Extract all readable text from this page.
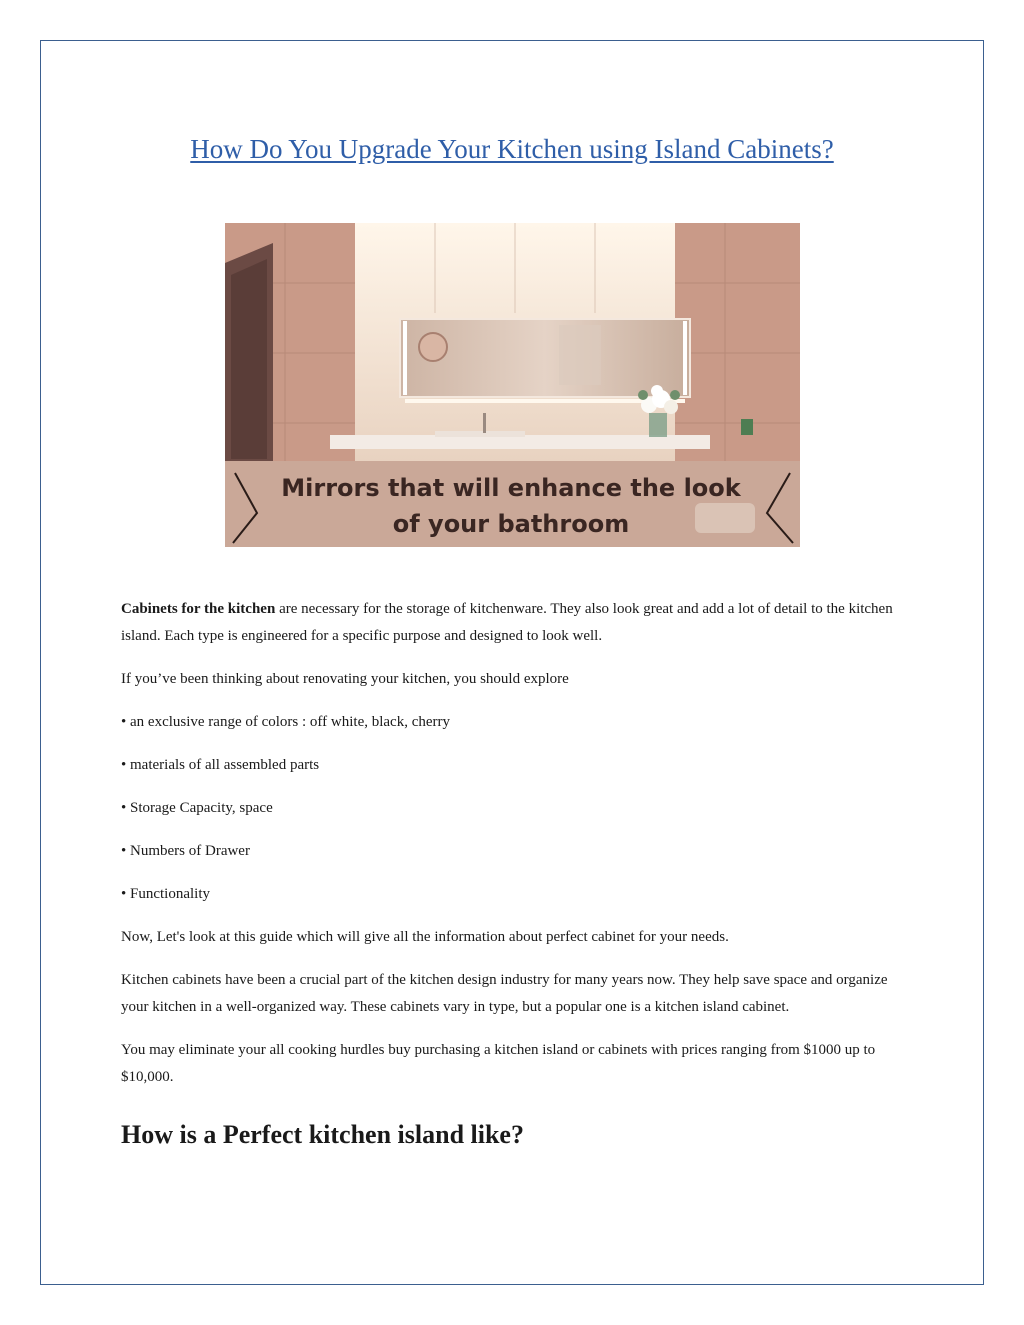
How Do You Upgrade Your Kitchen using Island Cabinets?
Mirrors that will enhance the look
of your bathroom

Cabinets for the kitchen are necessary for the storage of kitchenware. They also look great and add a lot of detail to the kitchen island. Each type is engineered for a specific purpose and designed to look well.

If you’ve been thinking about renovating your kitchen, you should explore

• an exclusive range of colors : off white, black, cherry

• materials of all assembled parts

• Storage Capacity, space

• Numbers of Drawer

• Functionality

Now, Let's look at this guide which will give all the information about perfect cabinet for your needs.

Kitchen cabinets have been a crucial part of the kitchen design industry for many years now. They help save space and organize your kitchen in a well-organized way. These cabinets vary in type, but a popular one is a kitchen island cabinet.

You may eliminate your all cooking hurdles buy purchasing a kitchen island or cabinets with prices ranging from $1000 up to $10,000.

How is a Perfect kitchen island like?
